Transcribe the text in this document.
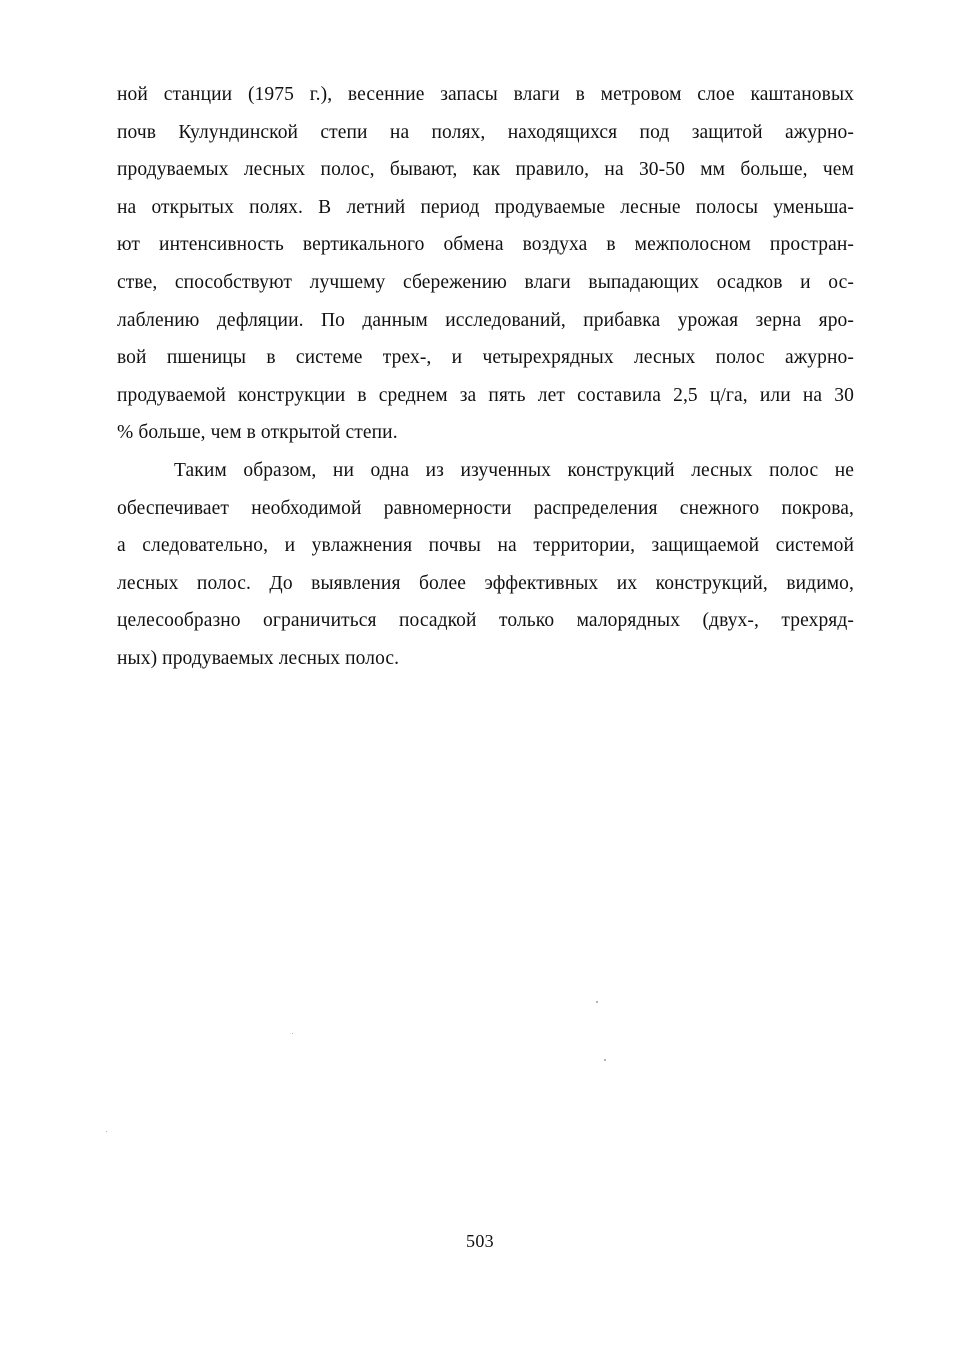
ной станции (1975 г.), весенние запасы влаги в метровом слое каштановых
почв Кулундинской степи на полях, находящихся под защитой ажурно-
продуваемых лесных полос, бывают, как правило, на 30-50 мм больше, чем
на открытых полях. В летний период продуваемые лесные полосы уменьша-
ют интенсивность вертикального обмена воздуха в межполосном простран-
стве, способствуют лучшему сбережению влаги выпадающих осадков и ос-
лаблению дефляции. По данным исследований, прибавка урожая зерна яро-
вой пшеницы в системе трех-, и четырехрядных лесных полос ажурно-
продуваемой конструкции в среднем за пять лет составила 2,5 ц/га, или на 30
% больше, чем в открытой степи.
Таким образом, ни одна из изученных конструкций лесных полос не
обеспечивает необходимой равномерности распределения снежного покрова,
а следовательно, и увлажнения почвы на территории, защищаемой системой
лесных полос. До выявления более эффективных их конструкций, видимо,
целесообразно ограничиться посадкой только малорядных (двух-, трехряд-
ных) продуваемых лесных полос.
503
